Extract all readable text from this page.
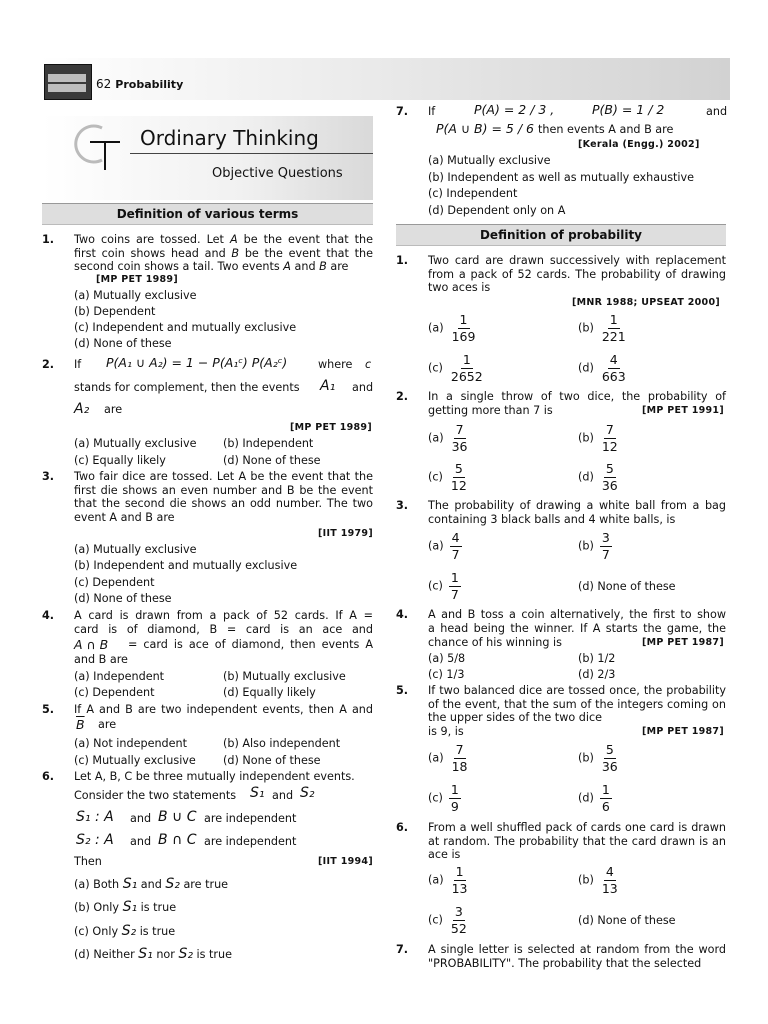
62 Probability
Ordinary Thinking
Objective Questions
Definition of various terms
1. Two coins are tossed. Let A be the event that the first coin shows head and B be the event that the second coin shows a tail. Two events A and B are
[MP PET 1989]
(a) Mutually exclusive
(b) Dependent
(c) Independent and mutually exclusive
(d) None of these
2. If P(A₁ ∪ A₂) = 1 − P(A₁ᶜ) P(A₂ᶜ)	where c
stands for complement, then the events A₁ and
A₂ are
[MP PET 1989]
(a) Mutually exclusive (b) Independent
(c) Equally likely	(d) None of these
3. Two fair dice are tossed. Let A be the event that the first die shows an even number and B be the event that the second die shows an odd number. The two event A and B are
[IIT 1979]
(a) Mutually exclusive
(b) Independent and mutually exclusive
(c) Dependent
(d) None of these
4. A card is drawn from a pack of 52 cards. If A =
card is of diamond, B = card is an ace and
A ∩ B = card is ace of diamond, then events A
and B are
(a) Independent	(b) Mutually exclusive
(c) Dependent	(d) Equally likely
5. If A and B are two independent events, then A and
$\overline{B}$ are
(a) Not independent	(b) Also independent
(c) Mutually exclusive (d) None of these
6. Let A, B, C be three mutually independent events.
Consider the two statements S₁ and S₂
S₁ : A and B ∪ C are independent
S₂ : A and B ∩ C are independent
Then	[IIT 1994]
(a) Both S₁ and S₂ are true
(b) Only S₁ is true
(c) Only S₂ is true
(d) Neither S₁ nor S₂ is true
7. If	P(A) = 2 / 3 ,	P(B) = 1 / 2	and
P(A ∪ B) = 5 / 6 then events A and B are
[Kerala (Engg.) 2002]
(a) Mutually exclusive
(b) Independent as well as mutually exhaustive
(c) Independent
(d) Dependent only on A
Definition of probability
1. Two card are drawn successively with replacement from a pack of 52 cards. The probability of drawing two aces is
[MNR 1988; UPSEAT 2000]
$(a) \frac{1}{169}$	$(b) \frac{1}{221}$
$(c) \frac{1}{2652}$	$(d) \frac{4}{663}$
2. In a single throw of two dice, the probability of
getting more than 7 is	[MP PET 1991]
$(a) \frac{7}{36}$	$(b) \frac{7}{12}$
$(c) \frac{5}{12}$	$(d) \frac{5}{36}$
3. The probability of drawing a white ball from a bag containing 3 black balls and 4 white balls, is
$(a) \frac{4}{7}$	$(b) \frac{3}{7}$
$(c) \frac{1}{7}$	(d) None of these
4. A and B toss a coin alternatively, the first to show
a head being the winner. If A starts the game, the
chance of his winning is	[MP PET 1987]
(a) 5/8	(b) 1/2
(c) 1/3	(d) 2/3
5. If two balanced dice are tossed once, the probability of the event, that the sum of the integers coming on the upper sides of the two dice
is 9, is	[MP PET 1987]
$(a) \frac{7}{18}$	$(b) \frac{5}{36}$
$(c) \frac{1}{9}$	$(d) \frac{1}{6}$
6. From a well shuffled pack of cards one card is drawn at random. The probability that the card drawn is an ace is
$(a) \frac{1}{13}$	$(b) \frac{4}{13}$
$(c) \frac{3}{52}$	(d) None of these
7. A single letter is selected at random from the word "PROBABILITY". The probability that the selected
